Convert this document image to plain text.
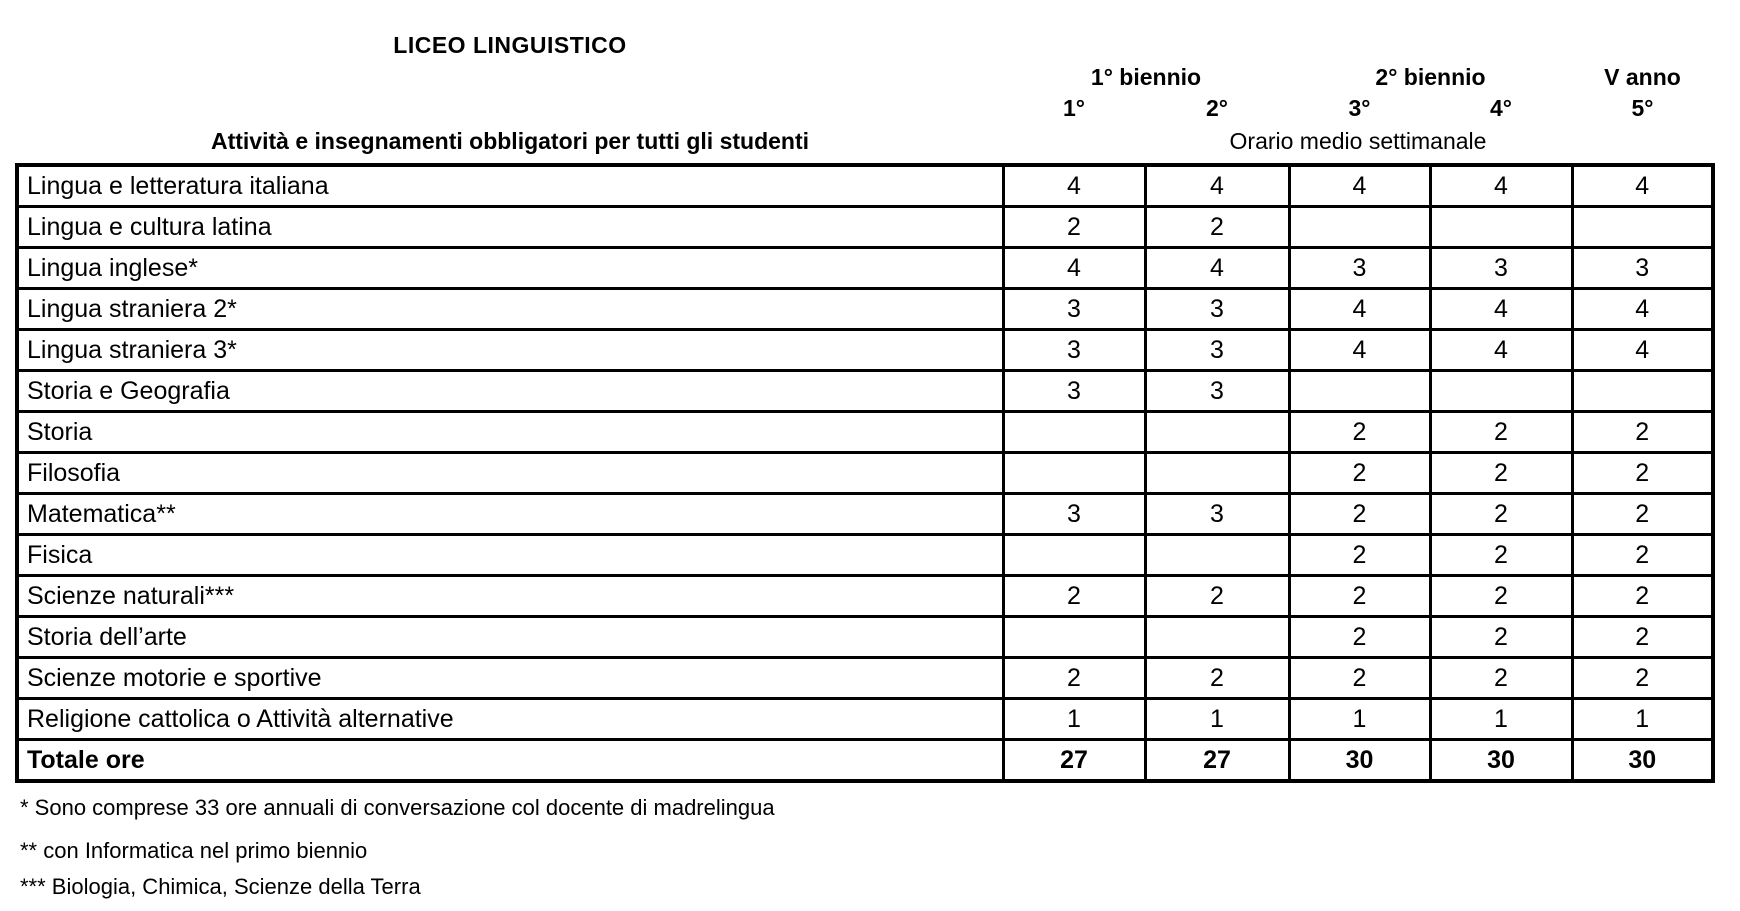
LICEO LINGUISTICO
1° biennio	2° biennio	V anno
1°	2°	3°	4°	5°
Attività e insegnamenti obbligatori per tutti gli studenti	Orario medio settimanale
Lingua e letteratura italiana	4	4	4	4	4
Lingua e cultura latina	2	2			
Lingua inglese*	4	4	3	3	3
Lingua straniera 2*	3	3	4	4	4
Lingua straniera 3*	3	3	4	4	4
Storia e Geografia	3	3			
Storia			2	2	2
Filosofia			2	2	2
Matematica**	3	3	2	2	2
Fisica			2	2	2
Scienze naturali***	2	2	2	2	2
Storia dell’arte			2	2	2
Scienze motorie e sportive	2	2	2	2	2
Religione cattolica o Attività alternative	1	1	1	1	1
Totale ore	27	27	30	30	30
* Sono comprese 33 ore annuali di conversazione col docente di madrelingua
** con Informatica nel primo biennio
*** Biologia, Chimica, Scienze della Terra
